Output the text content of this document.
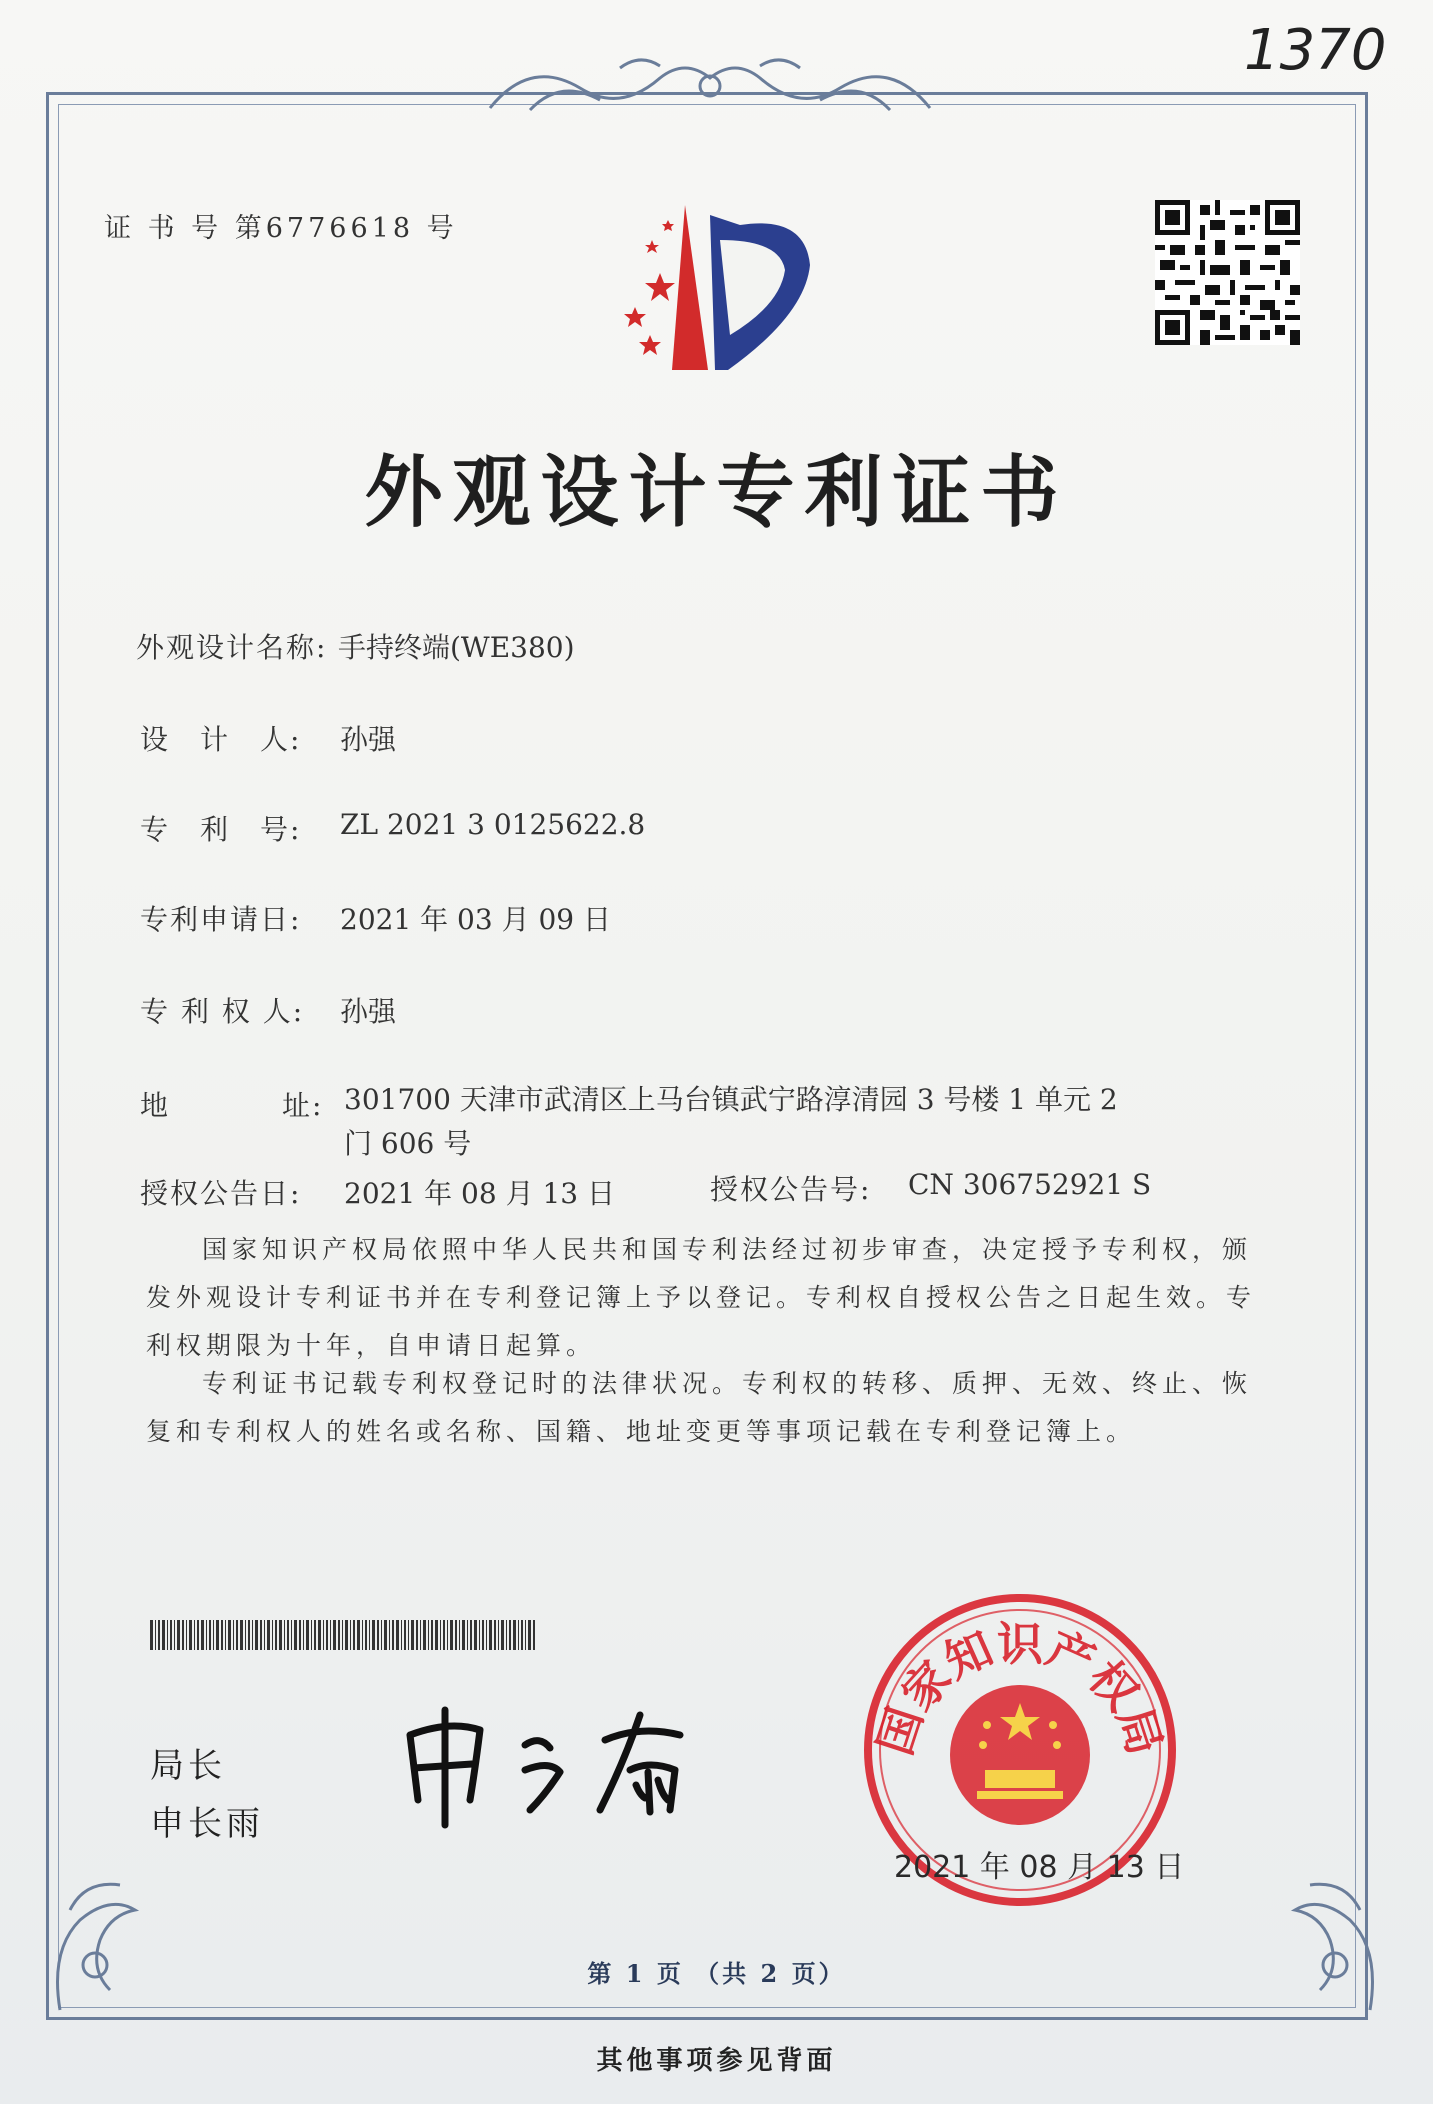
1370
证 书 号 第6776618 号
外观设计专利证书
外观设计名称: 手持终端(WE380)
设　计　人: 孙强
专　利　号: ZL 2021 3 0125622.8
专利申请日: 2021 年 03 月 09 日
专 利 权 人: 孙强
地	址: 301700 天津市武清区上马台镇武宁路淳清园 3 号楼 1 单元 2
门 606 号
授权公告日: 2021 年 08 月 13 日	授权公告号: CN 306752921 S
国家知识产权局依照中华人民共和国专利法经过初步审查，决定授予专利权，颁发外观设计专利证书并在专利登记簿上予以登记。专利权自授权公告之日起生效。专利权期限为十年，自申请日起算。
专利证书记载专利权登记时的法律状况。专利权的转移、质押、无效、终止、恢复和专利权人的姓名或名称、国籍、地址变更等事项记载在专利登记簿上。
局长
申长雨
国家知识产权局
2021 年 08 月 13 日
第 1 页 （共 2 页）
其他事项参见背面
